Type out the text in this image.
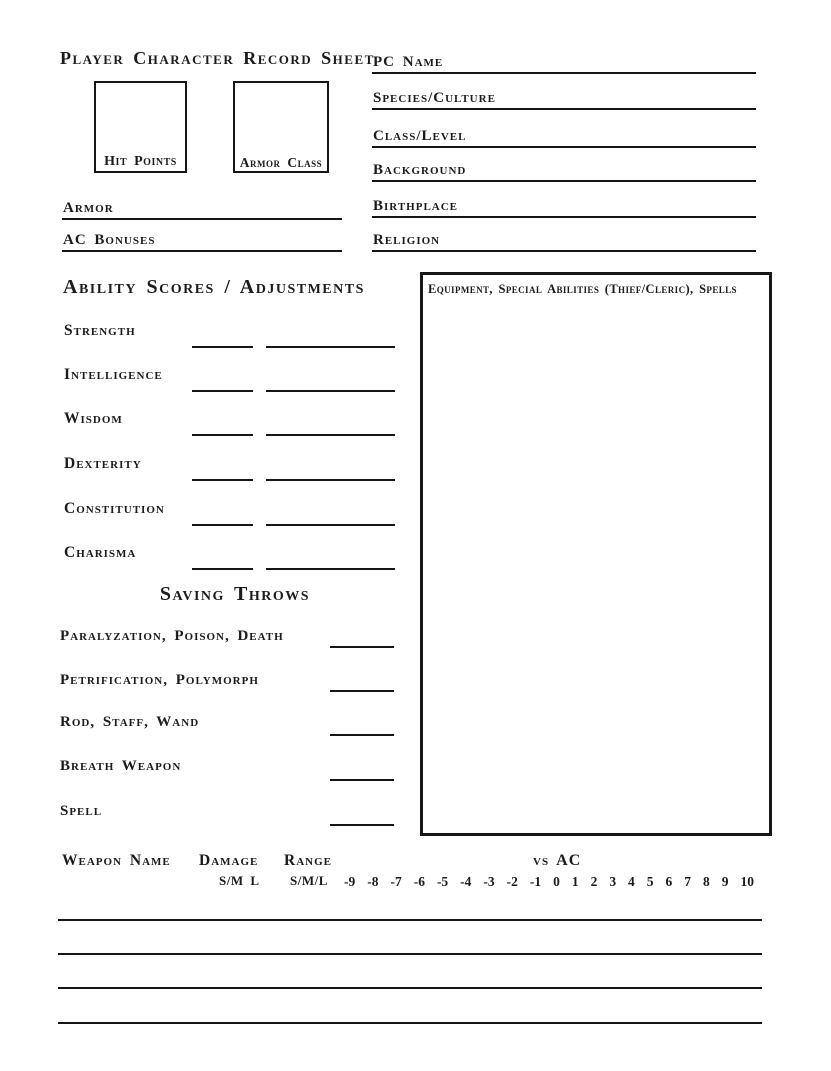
Player Character Record Sheet
Hit Points	Armor Class
Armor
AC Bonuses
PC Name
Species/Culture
Class/Level
Background
Birthplace
Religion
Ability Scores / Adjustments
Strength
Intelligence
Wisdom
Dexterity
Constitution
Charisma
Saving Throws
Paralyzation, Poison, Death
Petrification, Polymorph
Rod, Staff, Wand
Breath Weapon
Spell
Equipment, Special Abilities (Thief/Cleric), Spells
Weapon Name Damage Range
S/M L S/M/L
vs AC
-9 -8 -7 -6 -5 -4 -3 -2 -1 0 1 2 3 4 5 6 7 8 9 10
